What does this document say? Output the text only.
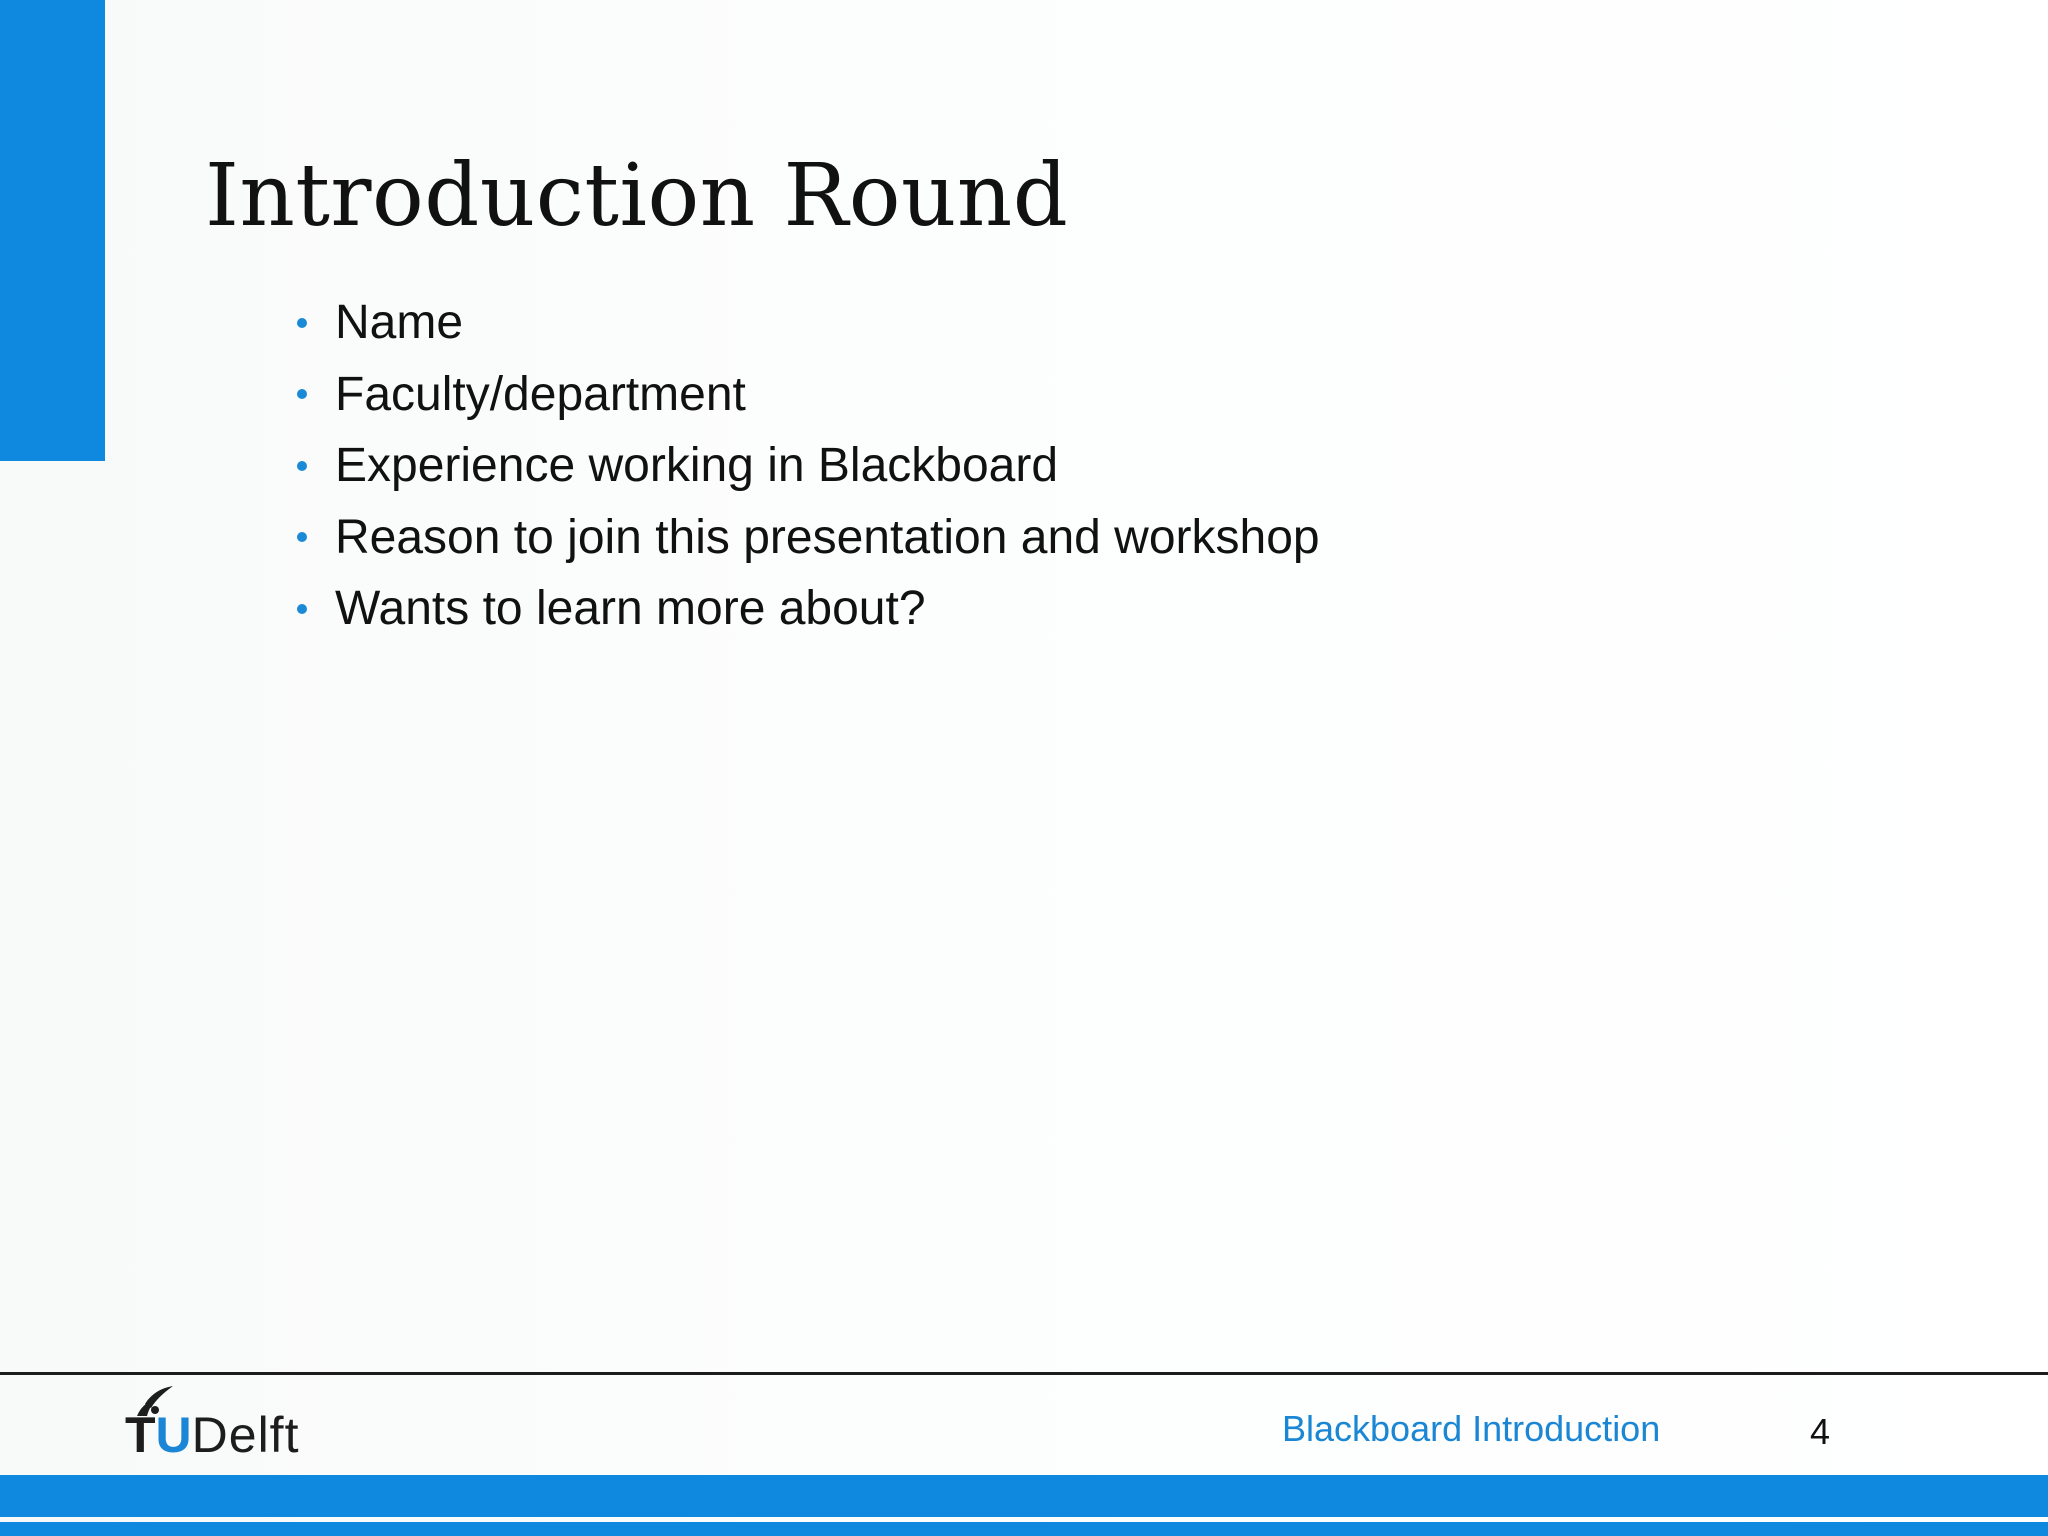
Introduction Round
Name
Faculty/department
Experience working in Blackboard
Reason to join this presentation and workshop
Wants to learn more about?
TUDelft	Blackboard Introduction	4
